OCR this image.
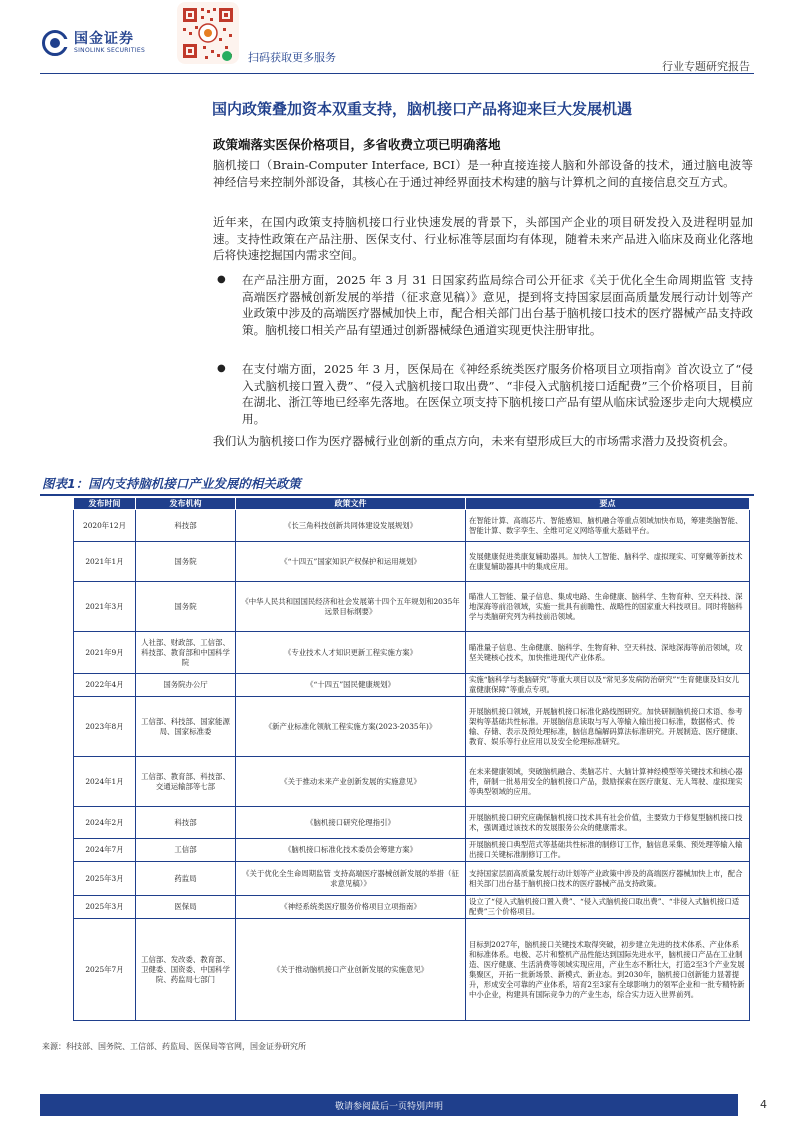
国金证券
SINOLINK SECURITIES
扫码获取更多服务
行业专题研究报告
国内政策叠加资本双重支持，脑机接口产品将迎来巨大发展机遇
政策端落实医保价格项目，多省收费立项已明确落地
脑机接口（Brain-Computer Interface, BCI）是一种直接连接人脑和外部设备的技术，通过脑电波等神经信号来控制外部设备，其核心在于通过神经界面技术构建的脑与计算机之间的直接信息交互方式。
近年来，在国内政策支持脑机接口行业快速发展的背景下，头部国产企业的项目研发投入及进程明显加速。支持性政策在产品注册、医保支付、行业标准等层面均有体现，随着未来产品进入临床及商业化落地后将快速挖掘国内需求空间。
● 在产品注册方面，2025 年 3 月 31 日国家药监局综合司公开征求《关于优化全生命周期监管 支持高端医疗器械创新发展的举措（征求意见稿）》意见，提到将支持国家层面高质量发展行动计划等产业政策中涉及的高端医疗器械加快上市，配合相关部门出台基于脑机接口技术的医疗器械产品支持政策。脑机接口相关产品有望通过创新器械绿色通道实现更快注册审批。
● 在支付端方面，2025 年 3 月，医保局在《神经系统类医疗服务价格项目立项指南》首次设立了“侵入式脑机接口置入费”、“侵入式脑机接口取出费”、“非侵入式脑机接口适配费”三个价格项目，目前在湖北、浙江等地已经率先落地。在医保立项支持下脑机接口产品有望从临床试验逐步走向大规模应用。
我们认为脑机接口作为医疗器械行业创新的重点方向，未来有望形成巨大的市场需求潜力及投资机会。
图表1：国内支持脑机接口产业发展的相关政策
发布时间	发布机构	政策文件	要点
2020年12月	科技部	《长三角科技创新共同体建设发展规划》	在智能计算、高端芯片、智能感知、脑机融合等重点领域加快布局，筹建类脑智能、智能计算、数字孪生、全维可定义网络等重大基础平台。
2021年1月	国务院	《“十四五”国家知识产权保护和运用规划》	发展健康促进类康复辅助器具。加快人工智能、脑科学、虚拟现实、可穿戴等新技术在康复辅助器具中的集成应用。
2021年3月	国务院	《中华人民共和国国民经济和社会发展第十四个五年规划和2035年远景目标纲要》	瞄准人工智能、量子信息、集成电路、生命健康、脑科学、生物育种、空天科技、深地深海等前沿领域，实施一批具有前瞻性、战略性的国家重大科技项目。同时将脑科学与类脑研究列为科技前沿领域。
2021年9月	人社部、财政部、工信部、科技部、教育部和中国科学院	《专业技术人才知识更新工程实施方案》	瞄准量子信息、生命健康、脑科学、生物育种、空天科技、深地深海等前沿领域，攻坚关键核心技术，加快推进现代产业体系。
2022年4月	国务院办公厅	《“十四五”国民健康规划》	实施“脑科学与类脑研究”等重大项目以及“常见多发病防治研究”“生育健康及妇女儿童健康保障”等重点专项。
2023年8月	工信部、科技部、国家能源局、国家标准委	《新产业标准化领航工程实施方案(2023-2035年)》	开展脑机接口领域，开展脑机接口标准化路线图研究。加快研制脑机接口术语、参考架构等基础共性标准。开展脑信息读取与写入等输入输出接口标准，数据格式、传输、存储、表示及预处理标准，脑信息编解码算法标准研究。开展制造、医疗健康、教育、娱乐等行业应用以及安全伦理标准研究。
2024年1月	工信部、教育部、科技部、交通运输部等七部	《关于推动未来产业创新发展的实施意见》	在未来健康领域，突破脑机融合、类脑芯片、大脑计算神经模型等关键技术和核心器件，研制一批易用安全的脑机接口产品，鼓励探索在医疗康复、无人驾驶、虚拟现实等典型领域的应用。
2024年2月	科技部	《脑机接口研究伦理指引》	开展脑机接口研究应确保脑机接口技术具有社会价值，主要致力于修复型脑机接口技术，强调通过该技术的发展服务公众的健康需求。
2024年7月	工信部	《脑机接口标准化技术委员会筹建方案》	开展脑机接口典型范式等基础共性标准的制修订工作，脑信息采集、预处理等输入输出接口关键标准制修订工作。
2025年3月	药监局	《关于优化全生命周期监管 支持高端医疗器械创新发展的举措（征求意见稿）》	支持国家层面高质量发展行动计划等产业政策中涉及的高端医疗器械加快上市，配合相关部门出台基于脑机接口技术的医疗器械产品支持政策。
2025年3月	医保局	《神经系统类医疗服务价格项目立项指南》	设立了“侵入式脑机接口置入费”、“侵入式脑机接口取出费”、“非侵入式脑机接口适配费”三个价格项目。
2025年7月	工信部、发改委、教育部、卫健委、国资委、中国科学院、药监局七部门	《关于推动脑机接口产业创新发展的实施意见》	目标到2027年，脑机接口关键技术取得突破，初步建立先进的技术体系、产业体系和标准体系。电极、芯片和整机产品性能达到国际先进水平，脑机接口产品在工业制造、医疗健康、生活消费等领域实现应用，产业生态不断壮大，打造2至3个产业发展集聚区，开拓一批新场景、新模式、新业态。到2030年，脑机接口创新能力显著提升，形成安全可靠的产业体系，培育2至3家有全球影响力的领军企业和一批专精特新中小企业，构建具有国际竞争力的产业生态，综合实力迈入世界前列。
来源：科技部、国务院、工信部、药监局、医保局等官网，国金证券研究所
敬请参阅最后一页特别声明	4
